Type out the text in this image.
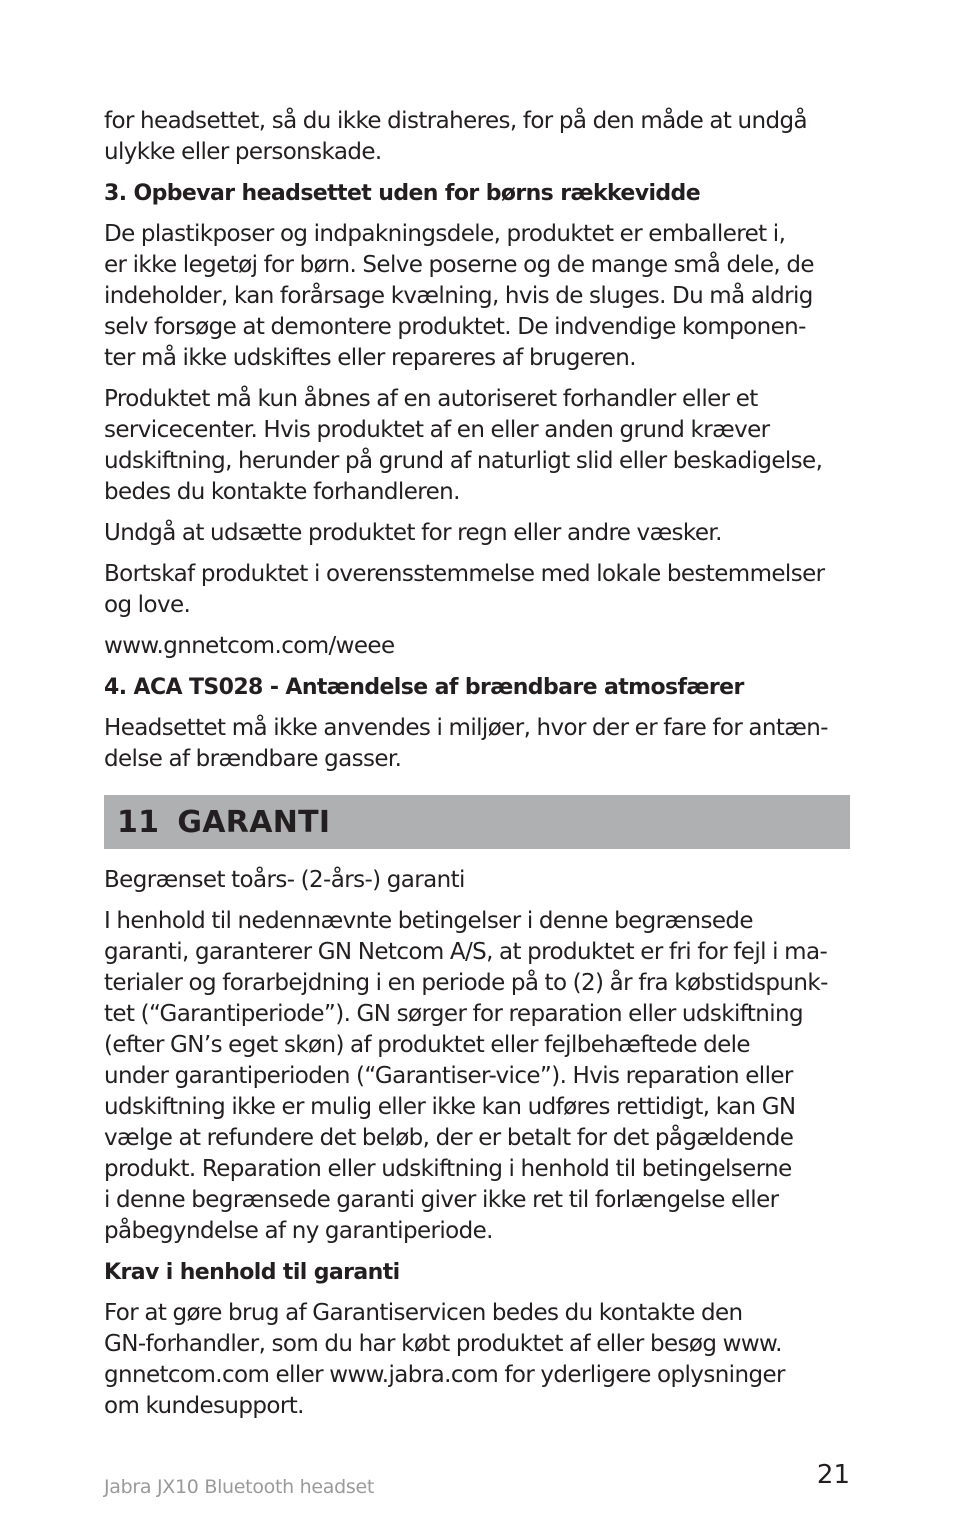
for headsettet, så du ikke distraheres, for på den måde at undgå
ulykke eller personskade.

3. Opbevar headsettet uden for børns rækkevidde

De plastikposer og indpakningsdele, produktet er emballeret i,
er ikke legetøj for børn. Selve poserne og de mange små dele, de
indeholder, kan forårsage kvælning, hvis de sluges. Du må aldrig
selv forsøge at demontere produktet. De indvendige komponen-
ter må ikke udskiftes eller repareres af brugeren.

Produktet må kun åbnes af en autoriseret forhandler eller et
servicecenter. Hvis produktet af en eller anden grund kræver
udskiftning, herunder på grund af naturligt slid eller beskadigelse,
bedes du kontakte forhandleren.

Undgå at udsætte produktet for regn eller andre væsker.

Bortskaf produktet i overensstemmelse med lokale bestemmelser
og love.

www.gnnetcom.com/weee

4. ACA TS028 - Antændelse af brændbare atmosfærer

Headsettet må ikke anvendes i miljøer, hvor der er fare for antæn-
delse af brændbare gasser.

11 GARANTI

Begrænset toårs- (2-års-) garanti

I henhold til nedennævnte betingelser i denne begrænsede
garanti, garanterer GN Netcom A/S, at produktet er fri for fejl i ma-
terialer og forarbejdning i en periode på to (2) år fra købstidspunk-
tet (“Garantiperiode”). GN sørger for reparation eller udskiftning
(efter GN’s eget skøn) af produktet eller fejlbehæftede dele
under garantiperioden (“Garantiser-vice”). Hvis reparation eller
udskiftning ikke er mulig eller ikke kan udføres rettidigt, kan GN
vælge at refundere det beløb, der er betalt for det pågældende
produkt. Reparation eller udskiftning i henhold til betingelserne
i denne begrænsede garanti giver ikke ret til forlængelse eller
påbegyndelse af ny garantiperiode.

Krav i henhold til garanti

For at gøre brug af Garantiservicen bedes du kontakte den
GN-forhandler, som du har købt produktet af eller besøg www.
gnnetcom.com eller www.jabra.com for yderligere oplysninger
om kundesupport.

Jabra JX10 Bluetooth headset	21
